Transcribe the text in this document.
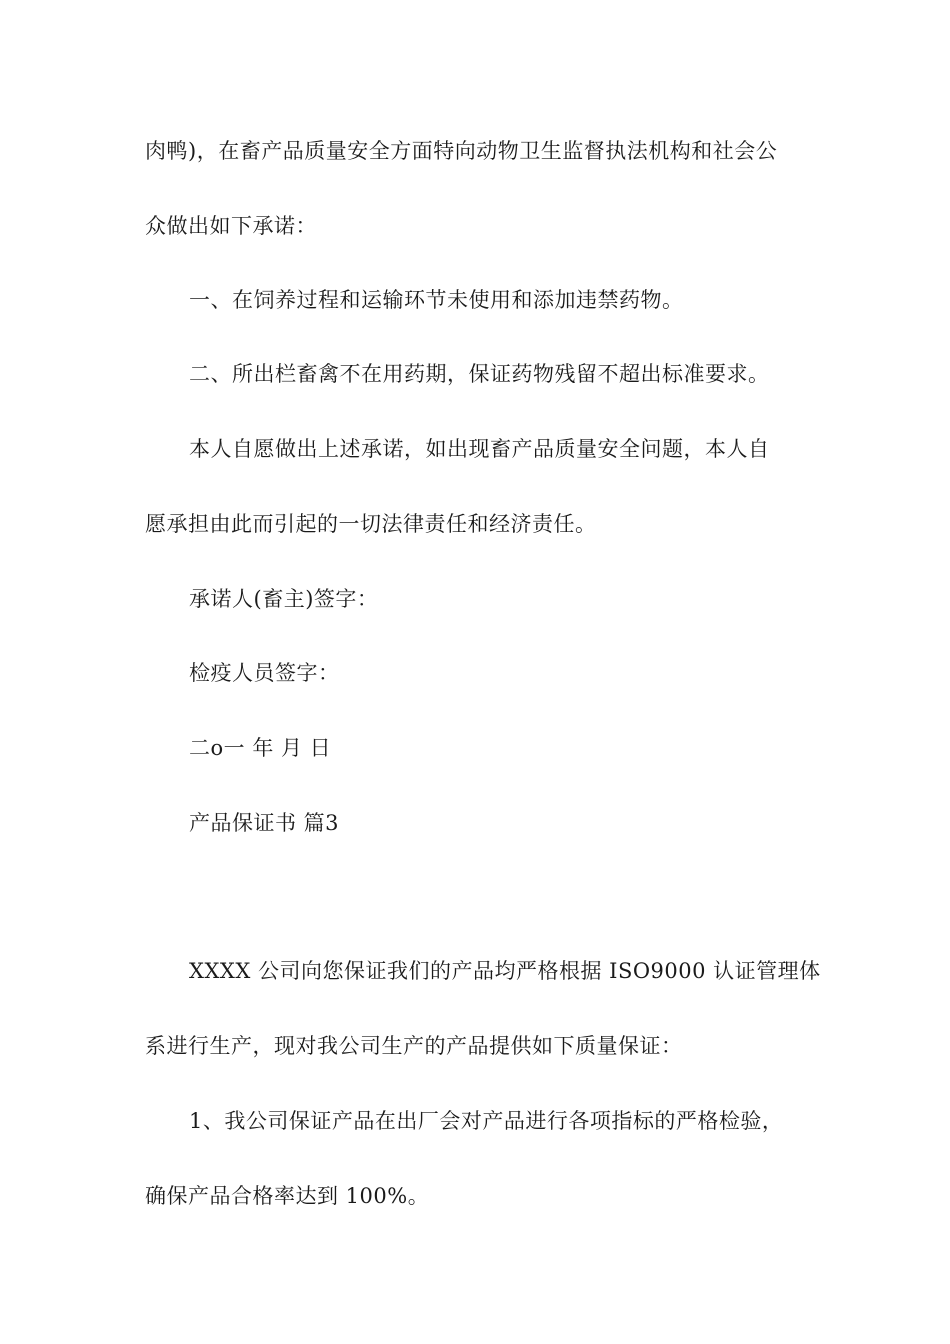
肉鸭)，在畜产品质量安全方面特向动物卫生监督执法机构和社会公
众做出如下承诺：
一、在饲养过程和运输环节未使用和添加违禁药物。
二、所出栏畜禽不在用药期，保证药物残留不超出标准要求。
本人自愿做出上述承诺，如出现畜产品质量安全问题，本人自
愿承担由此而引起的一切法律责任和经济责任。
承诺人(畜主)签字：
检疫人员签字：
二o一 年 月 日
产品保证书 篇3
XXXX 公司向您保证我们的产品均严格根据 ISO9000 认证管理体
系进行生产，现对我公司生产的产品提供如下质量保证：
1、我公司保证产品在出厂会对产品进行各项指标的严格检验，
确保产品合格率达到 100%。
